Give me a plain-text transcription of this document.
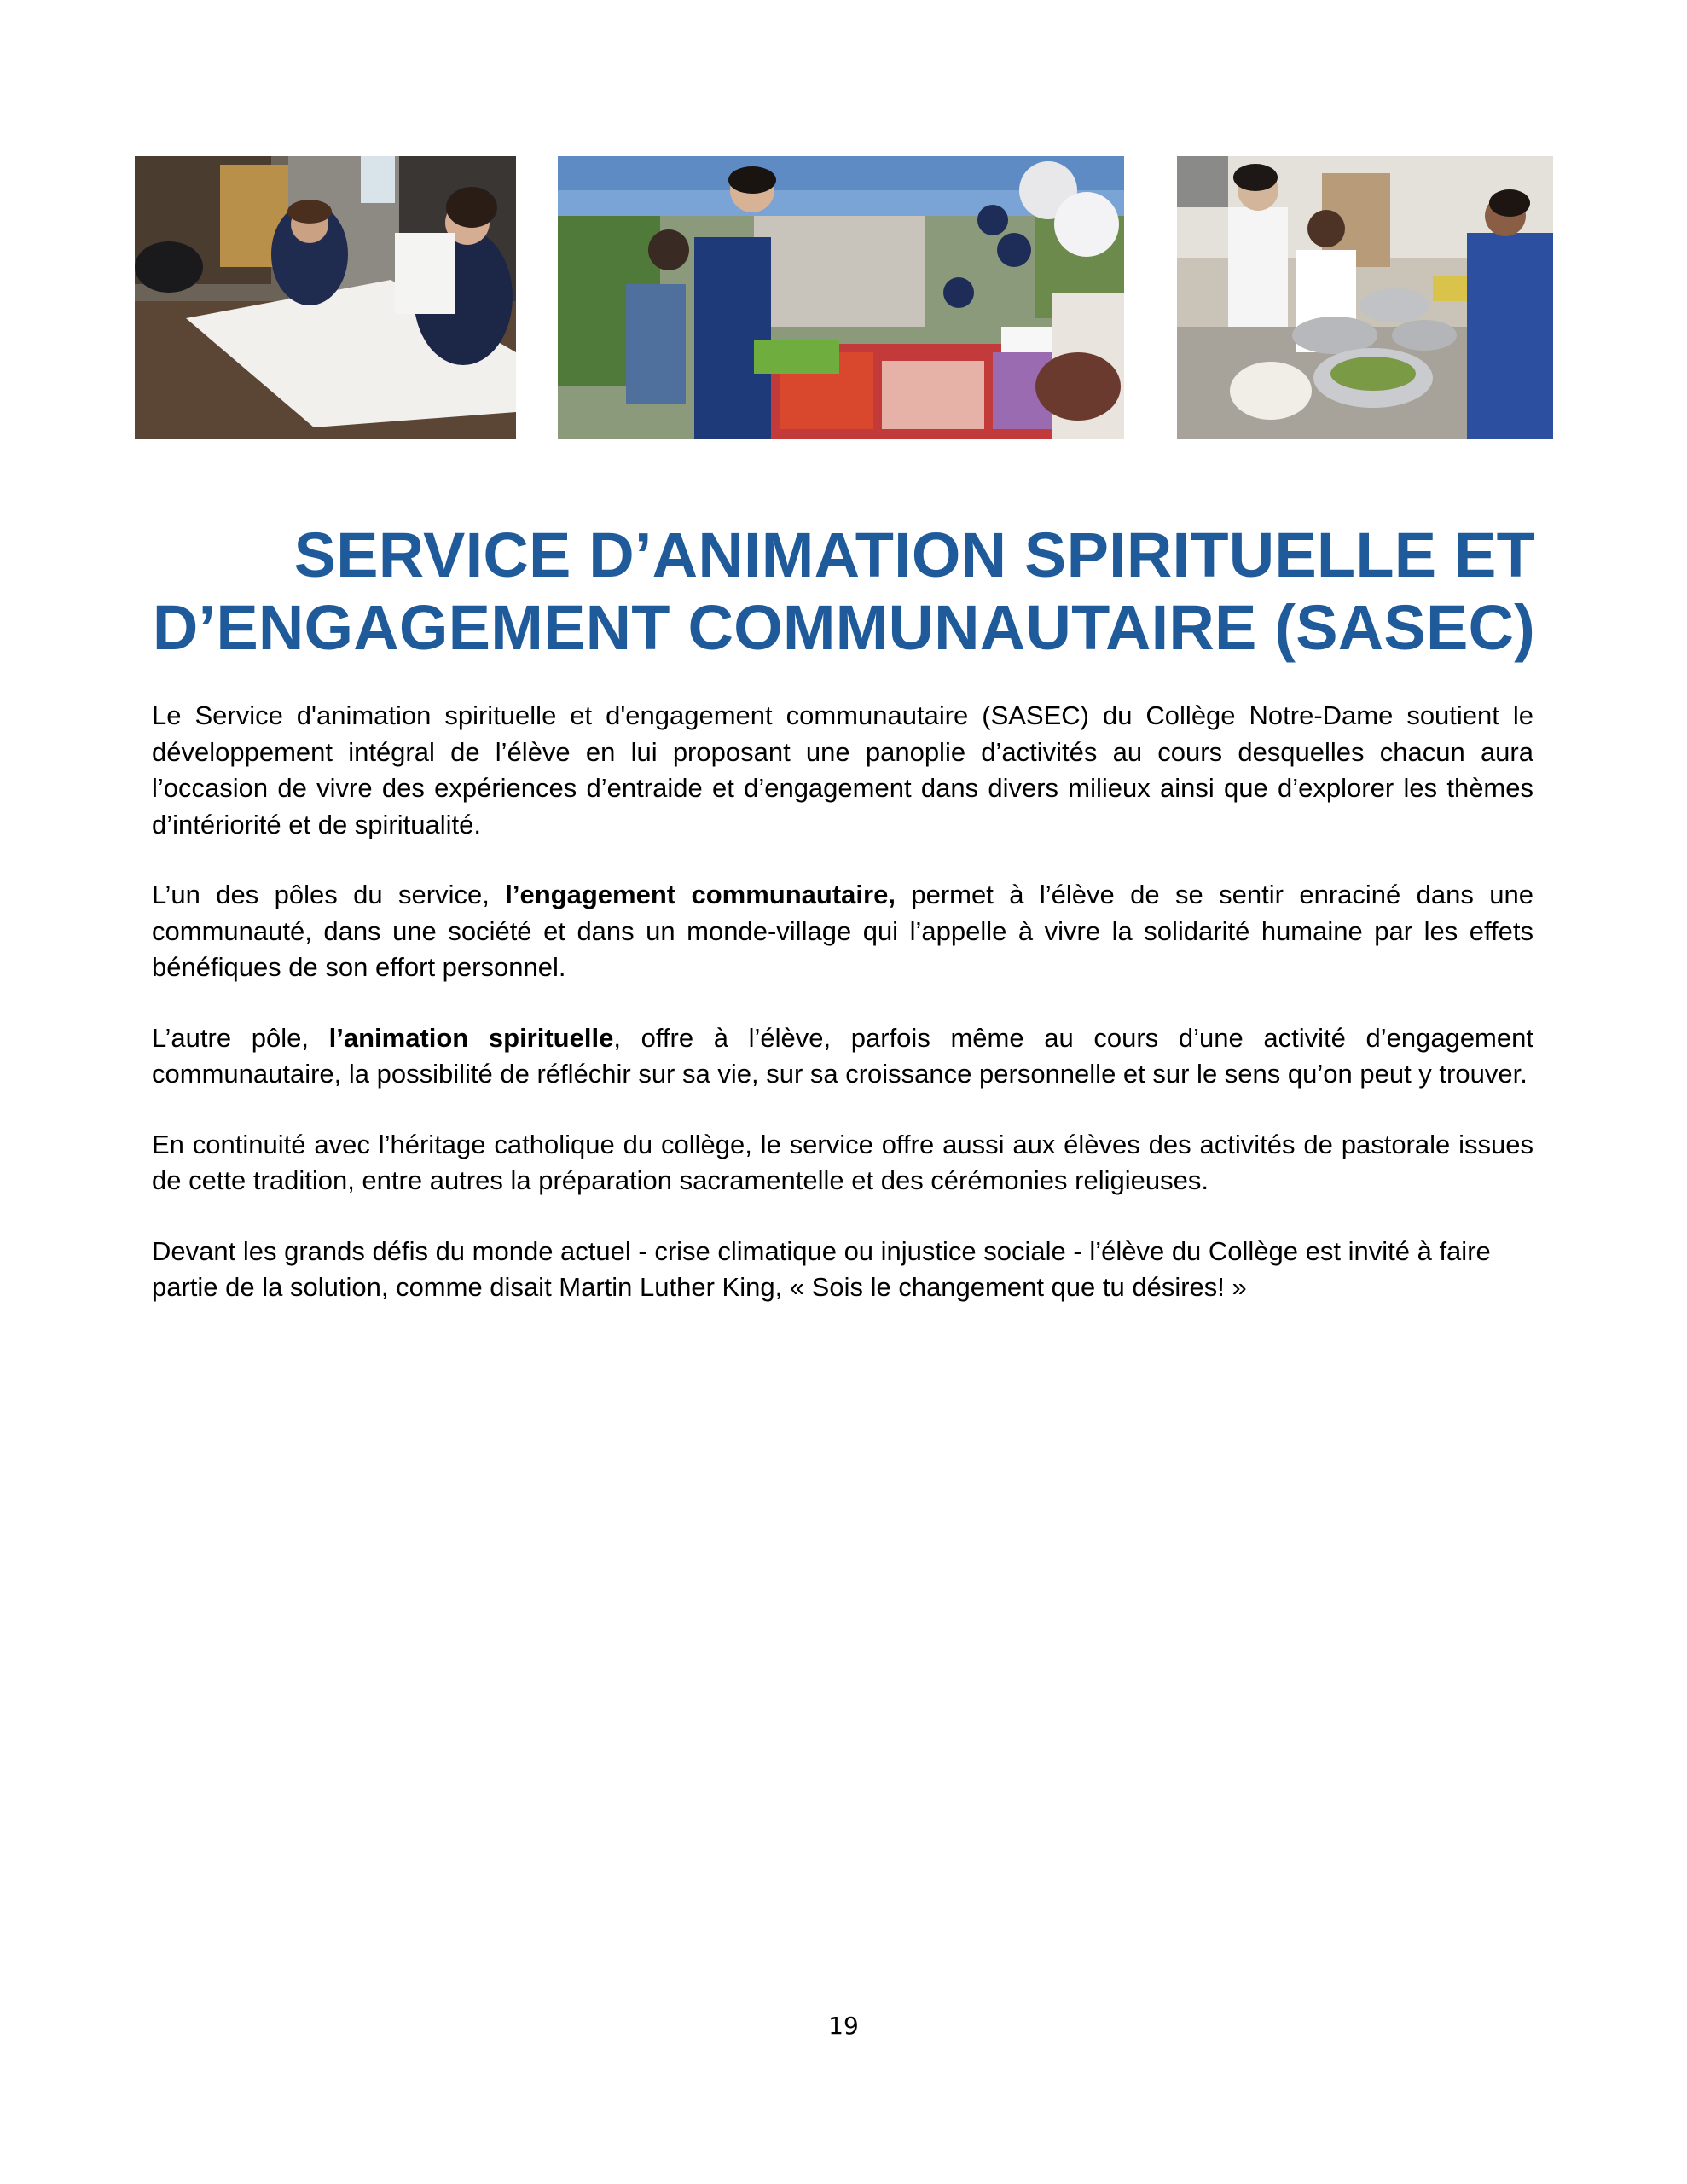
SERVICE D’ANIMATION SPIRITUELLE ET
D’ENGAGEMENT COMMUNAUTAIRE (SASEC)

Le Service d'animation spirituelle et d'engagement communautaire (SASEC) du Collège Notre-Dame soutient le développement intégral de l’élève en lui proposant une panoplie d’activités au cours desquelles chacun aura l’occasion de vivre des expériences d’entraide et d’engagement dans divers milieux ainsi que d’explorer les thèmes d’intériorité et de spiritualité.

L’un des pôles du service, l’engagement communautaire, permet à l’élève de se sentir enraciné dans une communauté, dans une société et dans un monde-village qui l’appelle à vivre la solidarité humaine par les effets bénéfiques de son effort personnel.

L’autre pôle, l’animation spirituelle, offre à l’élève, parfois même au cours d’une activité d’engagement communautaire, la possibilité de réfléchir sur sa vie, sur sa croissance personnelle et sur le sens qu’on peut y trouver.

En continuité avec l’héritage catholique du collège, le service offre aussi aux élèves des activités de pastorale issues de cette tradition, entre autres la préparation sacramentelle et des cérémonies religieuses.

Devant les grands défis du monde actuel - crise climatique ou injustice sociale - l’élève du Collège est invité à faire partie de la solution, comme disait Martin Luther King, « Sois le changement que tu désires! »

19
